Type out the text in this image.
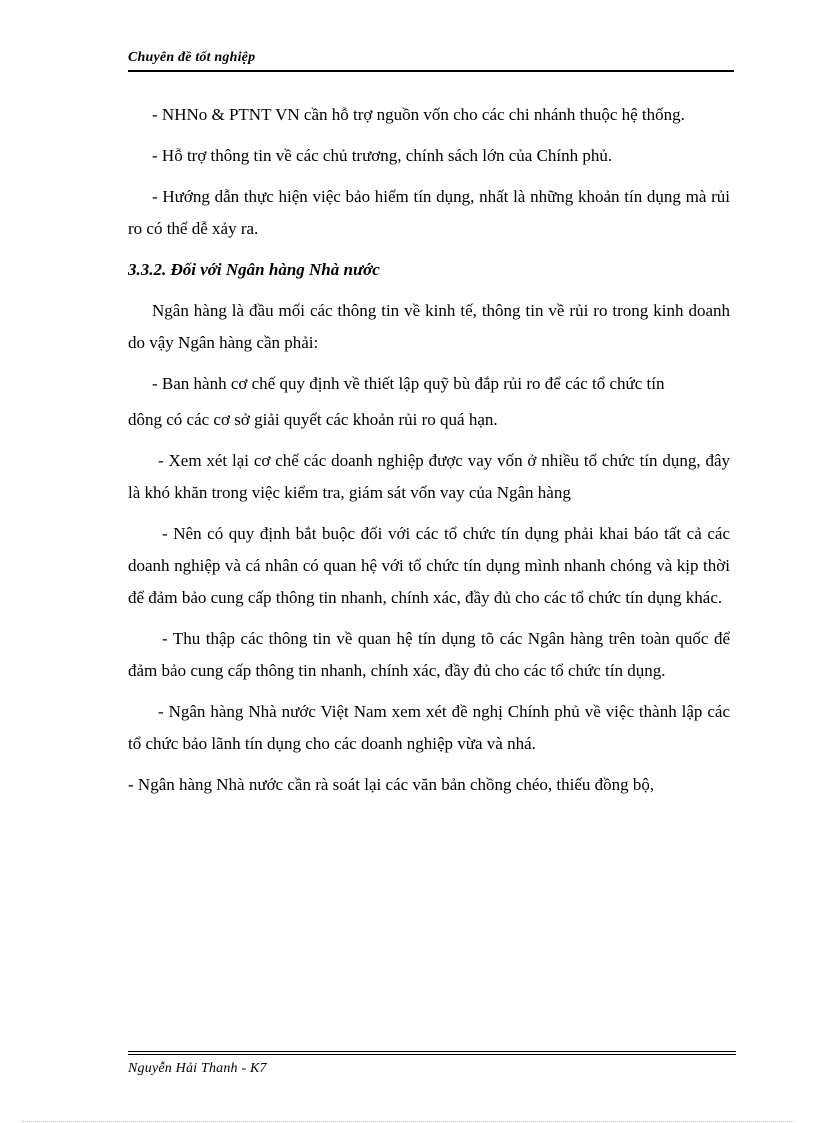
Chuyên đề tốt nghiệp

- NHNo & PTNT VN cần hỗ trợ nguồn vốn cho các chi nhánh thuộc hệ thống.

- Hỗ trợ thông tin về các chủ trương, chính sách lớn của Chính phủ.

- Hướng dẫn thực hiện việc bảo hiểm tín dụng, nhất là những khoản tín dụng mà rủi ro có thể dễ xảy ra.

3.3.2. Đối với Ngân hàng Nhà nước

Ngân hàng là đầu mối các thông tin về kinh tế, thông tin về rủi ro trong kinh doanh do vậy Ngân hàng cần phải:

- Ban hành cơ chế quy định về thiết lập quỹ bù đắp rủi ro để các tổ chức tín

dông có các cơ sở giải quyết các khoản rủi ro quá hạn.

- Xem xét lại cơ chế các doanh nghiệp được vay vốn ở nhiều tổ chức tín dụng, đây là khó khăn trong việc kiểm tra, giám sát vốn vay của Ngân hàng

- Nên có quy định bắt buộc đối với các tổ chức tín dụng phải khai báo tất cả các doanh nghiệp và cá nhân có quan hệ với tổ chức tín dụng mình nhanh chóng và kịp thời để đảm bảo cung cấp thông tin nhanh, chính xác, đầy đủ cho các tổ chức tín dụng khác.

- Thu thập các thông tin về quan hệ tín dụng tõ các Ngân hàng trên toàn quốc để đảm bảo cung cấp thông tin nhanh, chính xác, đầy đủ cho các tổ chức tín dụng.

- Ngân hàng Nhà nước Việt Nam xem xét đề nghị Chính phủ về việc thành lập các tổ chức bảo lãnh tín dụng cho các doanh nghiệp vừa và nhá.

- Ngân hàng Nhà nước cần rà soát lại các văn bản chồng chéo, thiếu đồng bộ,

Nguyễn Hải Thanh - K7
